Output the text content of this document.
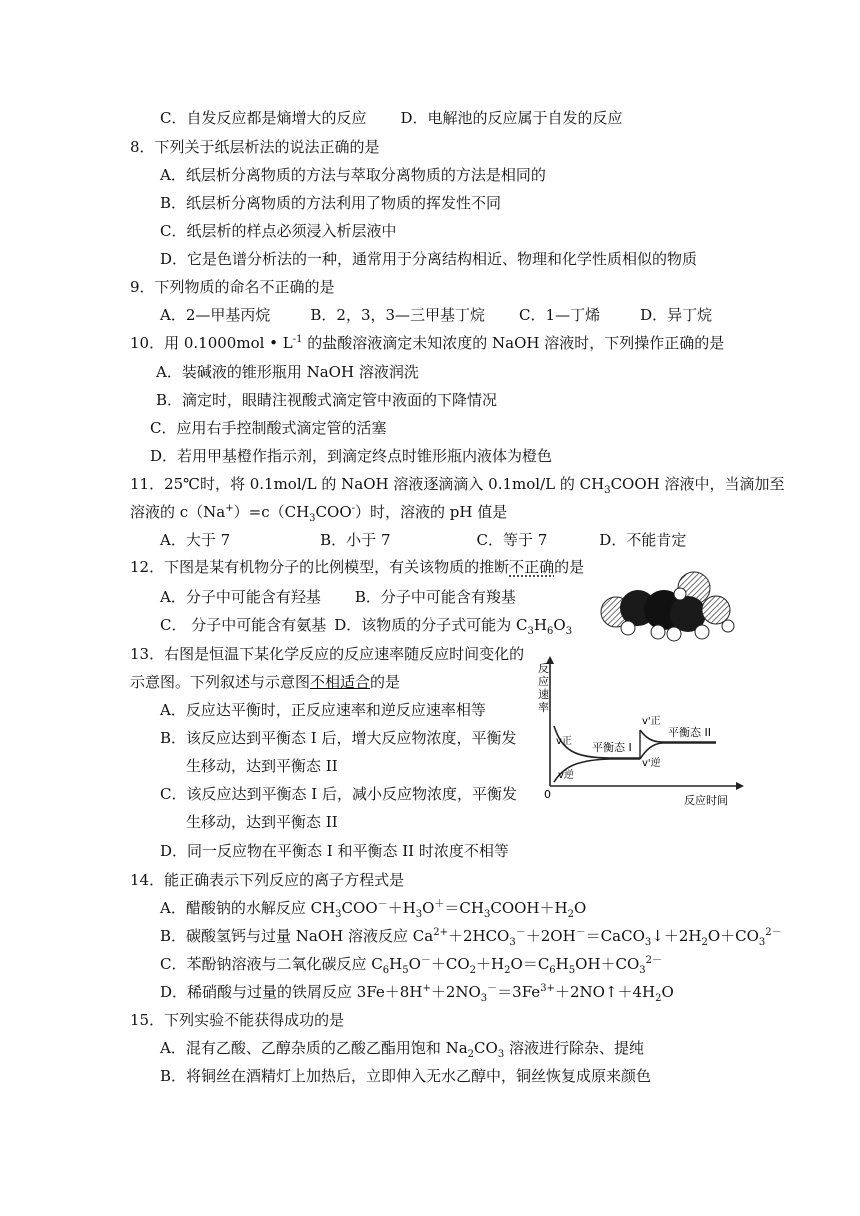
C．自发反应都是熵增大的反应 D．电解池的反应属于自发的反应
8．下列关于纸层析法的说法正确的是
A．纸层析分离物质的方法与萃取分离物质的方法是相同的
B．纸层析分离物质的方法利用了物质的挥发性不同
C．纸层析的样点必须浸入析层液中
D．它是色谱分析法的一种，通常用于分离结构相近、物理和化学性质相似的物质
9．下列物质的命名不正确的是
A．2—甲基丙烷	B．2，3，3—三甲基丁烷 C．1—丁烯	D．异丁烷
10．用 0.1000mol • $L^{-1}$ 的盐酸溶液滴定未知浓度的 NaOH 溶液时，下列操作正确的是
A．装碱液的锥形瓶用 NaOH 溶液润洗
B．滴定时，眼睛注视酸式滴定管中液面的下降情况
C．应用右手控制酸式滴定管的活塞
D．若用甲基橙作指示剂，到滴定终点时锥形瓶内液体为橙色
11．25℃时，将 0.1mol/L 的 NaOH 溶液逐滴滴入 0.1mol/L 的 $CH_3COOH$ 溶液中，当滴加至
溶液的 $c(Na^+)=c(CH_3COO^-)$时，溶液的 pH 值是
A．大于 7	B．小于 7	C．等于 7	D．不能肯定
12．下图是某有机物分子的比例模型，有关该物质的推断不正确的是
A．分子中可能含有羟基 B．分子中可能含有羧基
C． 分子中可能含有氨基 D．该物质的分子式可能为 $C_3H_6O_3$
13．右图是恒温下某化学反应的反应速率随反应时间变化的
示意图。下列叙述与示意图不相适合的是
A．反应达平衡时，正反应速率和逆反应速率相等
B．该反应达到平衡态 I 后，增大反应物浓度，平衡发
生移动，达到平衡态 II
C．该反应达到平衡态 I 后，减小反应物浓度，平衡发
生移动，达到平衡态 II
D．同一反应物在平衡态 I 和平衡态 II 时浓度不相等
反
应
速
率
0	反应时间
v正
v逆
v'正
v'逆
平衡态 I
平衡态 II
14．能正确表示下列反应的离子方程式是
A．醋酸钠的水解反应 $CH_3COO^-+H_3O^+=CH_3COOH+H_2O$
B．碳酸氢钙与过量 NaOH 溶液反应 $Ca^{2+}+2HCO_3^-+2OH^-=CaCO_3↓+2H_2O+CO_3^{2-}$
C．苯酚钠溶液与二氧化碳反应 $C_6H_5O^-+CO_2+H_2O=C_6H_5OH+CO_3^{2-}$
D．稀硝酸与过量的铁屑反应 $3Fe+8H^++2NO_3^-=3Fe^{3+}+2NO↑+4H_2O$
15．下列实验不能获得成功的是
A．混有乙酸、乙醇杂质的乙酸乙酯用饱和 $Na_2CO_3$ 溶液进行除杂、提纯
B．将铜丝在酒精灯上加热后，立即伸入无水乙醇中，铜丝恢复成原来颜色
